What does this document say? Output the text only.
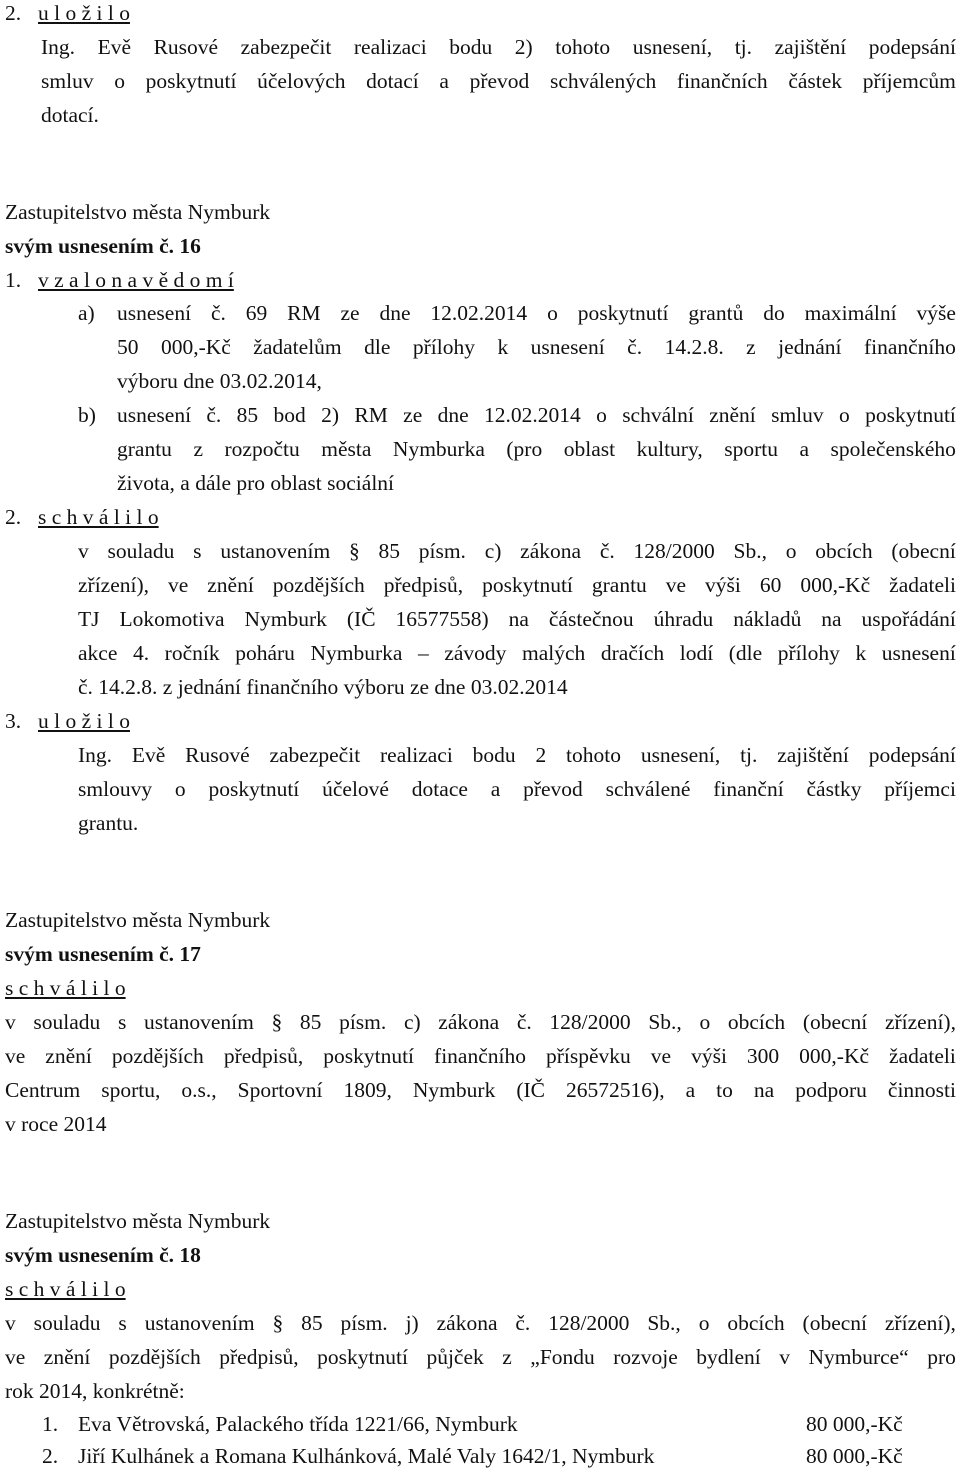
2. u l o ž i l o
Ing. Evě Rusové zabezpečit realizaci bodu 2) tohoto usnesení, tj. zajištění podepsání
smluv o poskytnutí účelových dotací a převod schválených finančních částek příjemcům
dotací.
Zastupitelstvo města Nymburk
svým usnesením č. 16
1. v z a l o n a v ě d o m í
a) usnesení č. 69 RM ze dne 12.02.2014 o poskytnutí grantů do maximální výše
50 000,-Kč žadatelům dle přílohy k usnesení č. 14.2.8. z jednání finančního
výboru dne 03.02.2014,
b) usnesení č. 85 bod 2) RM ze dne 12.02.2014 o schvální znění smluv o poskytnutí
grantu z rozpočtu města Nymburka (pro oblast kultury, sportu a společenského
života, a dále pro oblast sociální
2. s c h v á l i l o
v souladu s ustanovením § 85 písm. c) zákona č. 128/2000 Sb., o obcích (obecní
zřízení), ve znění pozdějších předpisů, poskytnutí grantu ve výši 60 000,-Kč žadateli
TJ Lokomotiva Nymburk (IČ 16577558) na částečnou úhradu nákladů na uspořádání
akce 4. ročník poháru Nymburka – závody malých dračích lodí (dle přílohy k usnesení
č. 14.2.8. z jednání finančního výboru ze dne 03.02.2014
3. u l o ž i l o
Ing. Evě Rusové zabezpečit realizaci bodu 2 tohoto usnesení, tj. zajištění podepsání
smlouvy o poskytnutí účelové dotace a převod schválené finanční částky příjemci
grantu.
Zastupitelstvo města Nymburk
svým usnesením č. 17
s c h v á l i l o
v souladu s ustanovením § 85 písm. c) zákona č. 128/2000 Sb., o obcích (obecní zřízení),
ve znění pozdějších předpisů, poskytnutí finančního příspěvku ve výši 300 000,-Kč žadateli
Centrum sportu, o.s., Sportovní 1809, Nymburk (IČ 26572516), a to na podporu činnosti
v roce 2014
Zastupitelstvo města Nymburk
svým usnesením č. 18
s c h v á l i l o
v souladu s ustanovením § 85 písm. j) zákona č. 128/2000 Sb., o obcích (obecní zřízení),
ve znění pozdějších předpisů, poskytnutí půjček z „Fondu rozvoje bydlení v Nymburce“ pro
rok 2014, konkrétně:
1. Eva Větrovská, Palackého třída 1221/66, Nymburk	80 000,-Kč
2. Jiří Kulhánek a Romana Kulhánková, Malé Valy 1642/1, Nymburk	80 000,-Kč
